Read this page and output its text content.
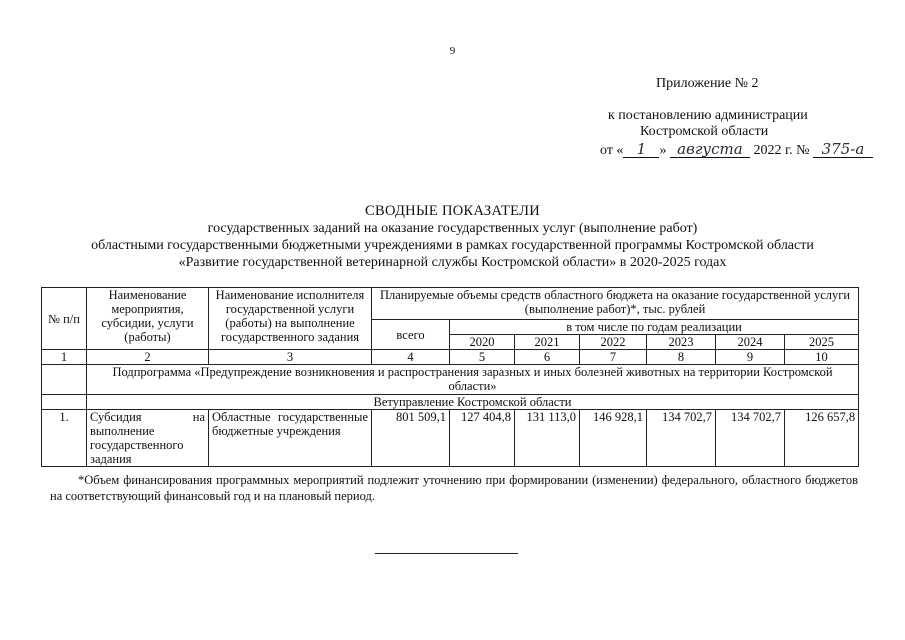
9
Приложение № 2
к постановлению администрации
Костромской области
от « 1 » августа 2022 г. № 375-а
СВОДНЫЕ ПОКАЗАТЕЛИ
государственных заданий на оказание государственных услуг (выполнение работ)
областными государственными бюджетными учреждениями в рамках государственной программы Костромской области
«Развитие государственной ветеринарной службы Костромской области» в 2020-2025 годах
№ п/п	Наименование мероприятия, субсидии, услуги (работы)	Наименование исполнителя государственной услуги (работы) на выполнение государственного задания	Планируемые объемы средств областного бюджета на оказание государственной услуги (выполнение работ)*, тыс. рублей						
			всего	в том числе по годам реализации					
				2020	2021	2022	2023	2024	2025
1	2	3	4	5	6	7	8	9	10
	Подпрограмма «Предупреждение возникновения и распространения заразных и иных болезней животных на территории Костромской области»								
	Ветуправление Костромской области								
1.	Субсидия на выполнение государственного задания	Областные государственные бюджетные учреждения	801 509,1	127 404,8	131 113,0	146 928,1	134 702,7	134 702,7	126 657,8
*Объем финансирования программных мероприятий подлежит уточнению при формировании (изменении) федерального, областного бюджетов на соответствующий финансовый год и на плановый период.
